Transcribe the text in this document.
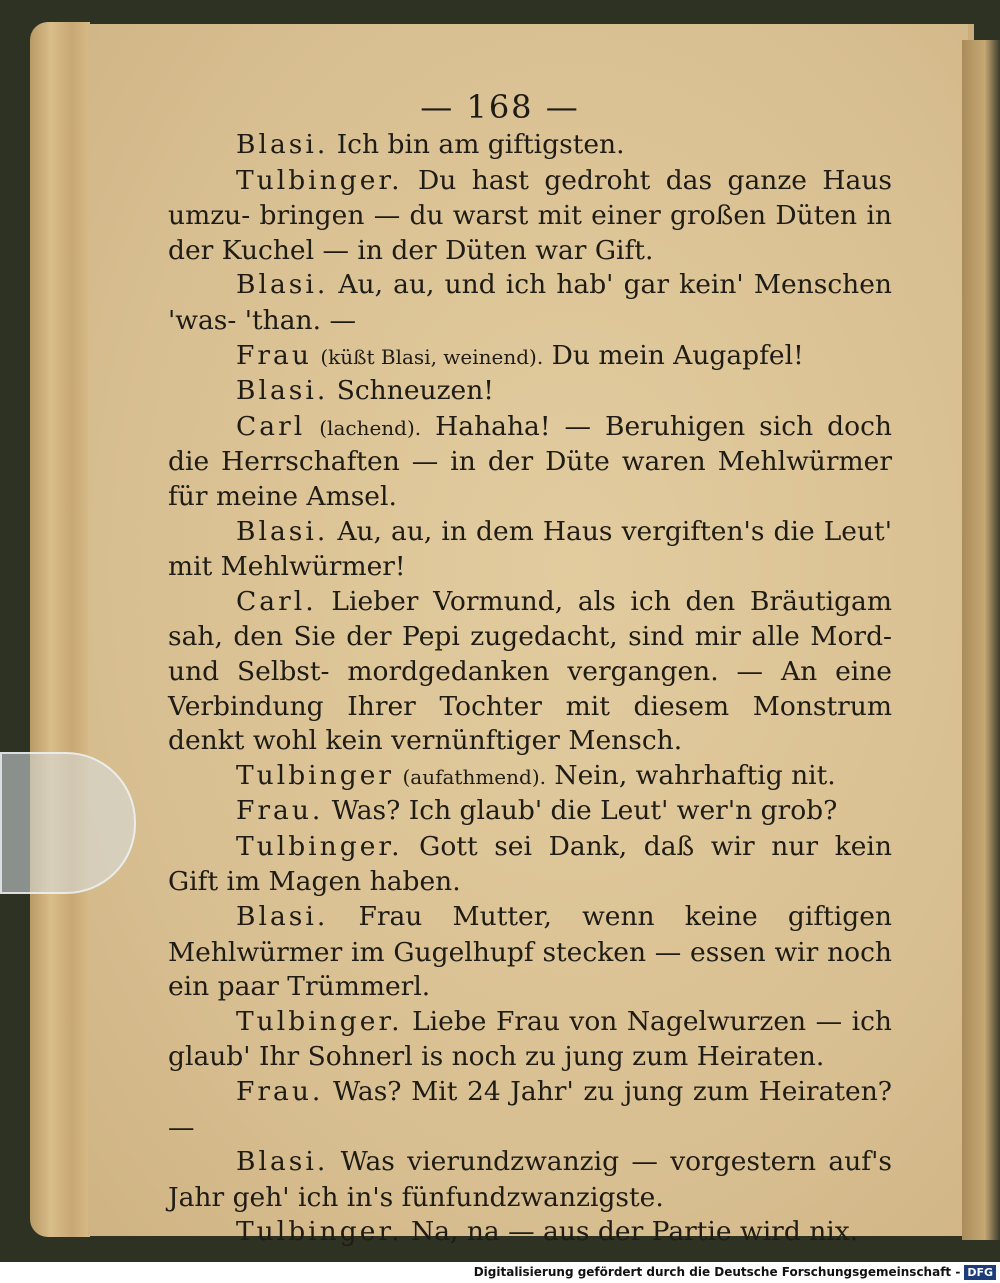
— 168 —

Blasi. Ich bin am giftigsten.

Tulbinger. Du hast gedroht das ganze Haus umzu- bringen — du warst mit einer großen Düten in der Kuchel — in der Düten war Gift.

Blasi. Au, au, und ich hab' gar kein' Menschen 'was- 'than. —

Frau (küßt Blasi, weinend). Du mein Augapfel!

Blasi. Schneuzen!

Carl (lachend). Hahaha! — Beruhigen sich doch die Herrschaften — in der Düte waren Mehlwürmer für meine Amsel.

Blasi. Au, au, in dem Haus vergiften's die Leut' mit Mehlwürmer!

Carl. Lieber Vormund, als ich den Bräutigam sah, den Sie der Pepi zugedacht, sind mir alle Mord- und Selbst- mordgedanken vergangen. — An eine Verbindung Ihrer Tochter mit diesem Monstrum denkt wohl kein vernünftiger Mensch.

Tulbinger (aufathmend). Nein, wahrhaftig nit.

Frau. Was? Ich glaub' die Leut' wer'n grob?

Tulbinger. Gott sei Dank, daß wir nur kein Gift im Magen haben.

Blasi. Frau Mutter, wenn keine giftigen Mehlwürmer im Gugelhupf stecken — essen wir noch ein paar Trümmerl.

Tulbinger. Liebe Frau von Nagelwurzen — ich glaub' Ihr Sohnerl is noch zu jung zum Heiraten.

Frau. Was? Mit 24 Jahr' zu jung zum Heiraten? —

Blasi. Was vierundzwanzig — vorgestern auf's Jahr geh' ich in's fünfundzwanzigste.

Tulbinger. Na, na — aus der Partie wird nix.

Digitalisierung gefördert durch die Deutsche Forschungsgemeinschaft - DFG
